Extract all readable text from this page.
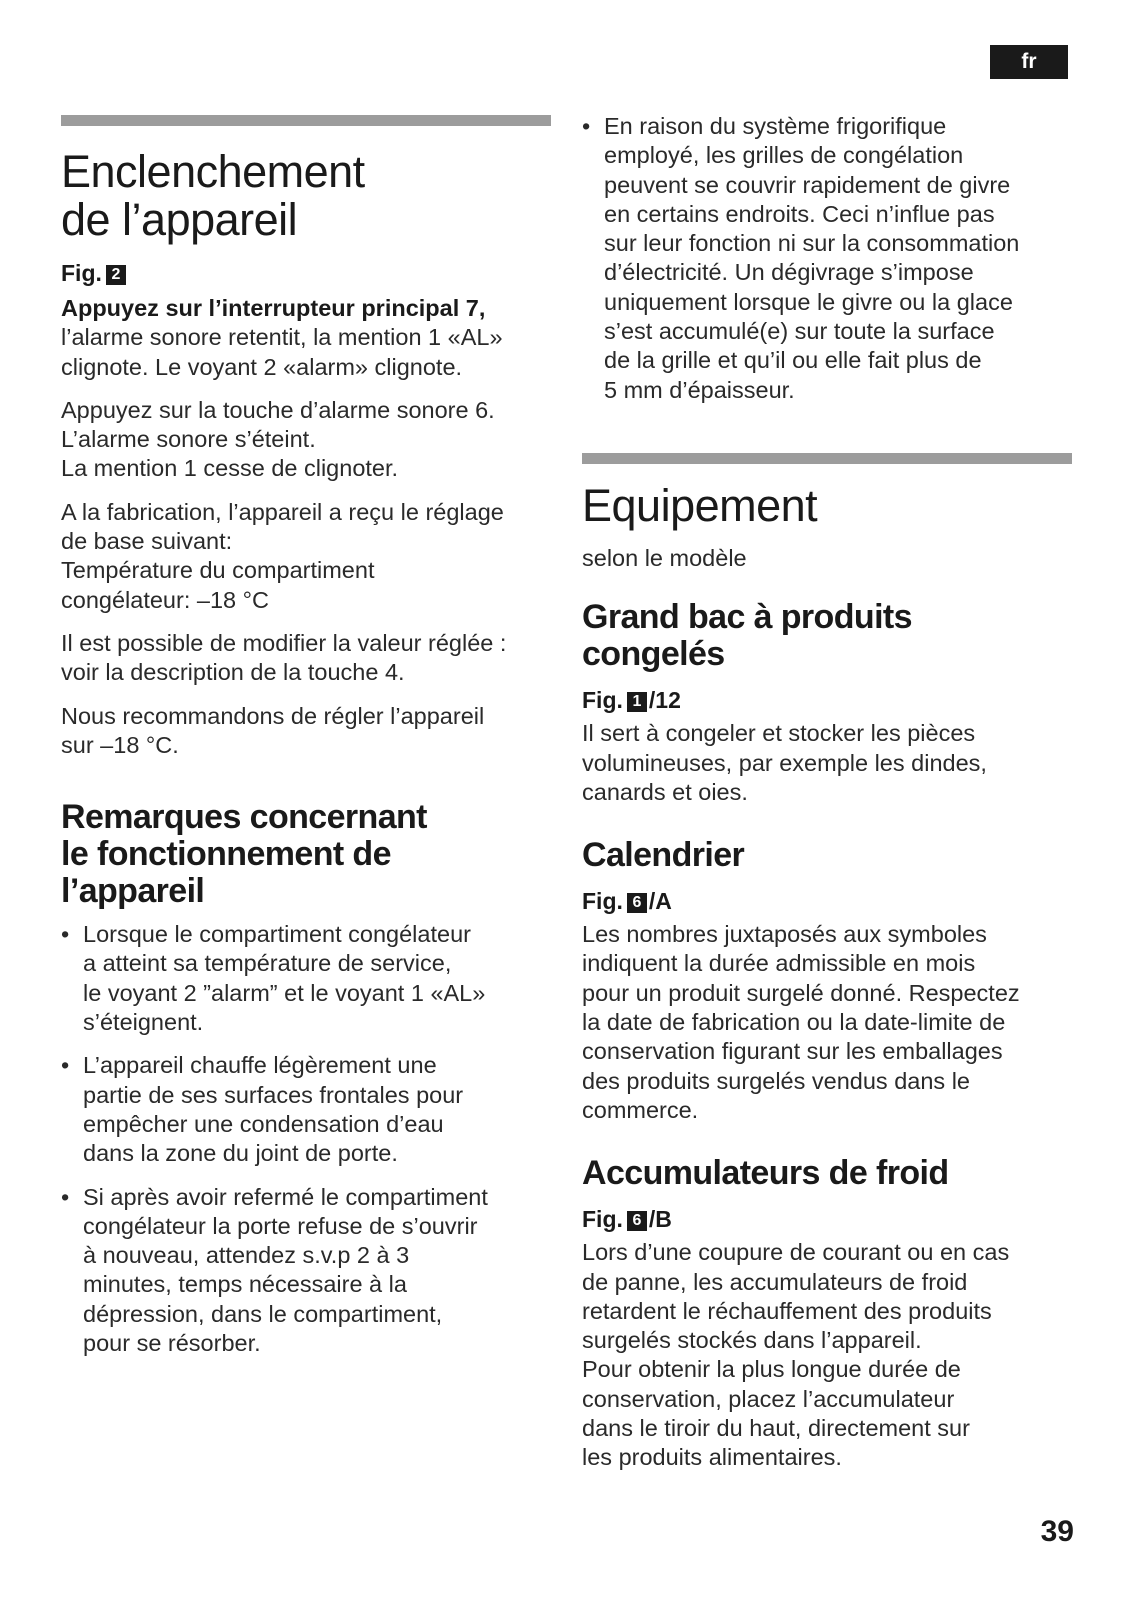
fr
Enclenchement
de l’appareil
Fig. 2

Appuyez sur l’interrupteur principal 7,
l’alarme sonore retentit, la mention 1 «AL»
clignote. Le voyant 2 «alarm» clignote.

Appuyez sur la touche d’alarme sonore 6.
L’alarme sonore s’éteint.
La mention 1 cesse de clignoter.

A la fabrication, l’appareil a reçu le réglage
de base suivant:
Température du compartiment
congélateur: –18 °C

Il est possible de modifier la valeur réglée :
voir la description de la touche 4.

Nous recommandons de régler l’appareil
sur –18 °C.

Remarques concernant
le fonctionnement de
l’appareil
• Lorsque le compartiment congélateur
a atteint sa température de service,
le voyant 2 ”alarm” et le voyant 1 «AL»
s’éteignent.
• L’appareil chauffe légèrement une
partie de ses surfaces frontales pour
empêcher une condensation d’eau
dans la zone du joint de porte.
• Si après avoir refermé le compartiment
congélateur la porte refuse de s’ouvrir
à nouveau, attendez s.v.p 2 à 3
minutes, temps nécessaire à la
dépression, dans le compartiment,
pour se résorber.
• En raison du système frigorifique
employé, les grilles de congélation
peuvent se couvrir rapidement de givre
en certains endroits. Ceci n’influe pas
sur leur fonction ni sur la consommation
d’électricité. Un dégivrage s’impose
uniquement lorsque le givre ou la glace
s’est accumulé(e) sur toute la surface
de la grille et qu’il ou elle fait plus de
5 mm d’épaisseur.
Equipement

selon le modèle

Grand bac à produits
congelés
Fig. 1 /12

Il sert à congeler et stocker les pièces
volumineuses, par exemple les dindes,
canards et oies.

Calendrier
Fig. 6 /A

Les nombres juxtaposés aux symboles
indiquent la durée admissible en mois
pour un produit surgelé donné. Respectez
la date de fabrication ou la date-limite de
conservation figurant sur les emballages
des produits surgelés vendus dans le
commerce.

Accumulateurs de froid
Fig. 6 /B

Lors d’une coupure de courant ou en cas
de panne, les accumulateurs de froid
retardent le réchauffement des produits
surgelés stockés dans l’appareil.
Pour obtenir la plus longue durée de
conservation, placez l’accumulateur
dans le tiroir du haut, directement sur
les produits alimentaires.

39
